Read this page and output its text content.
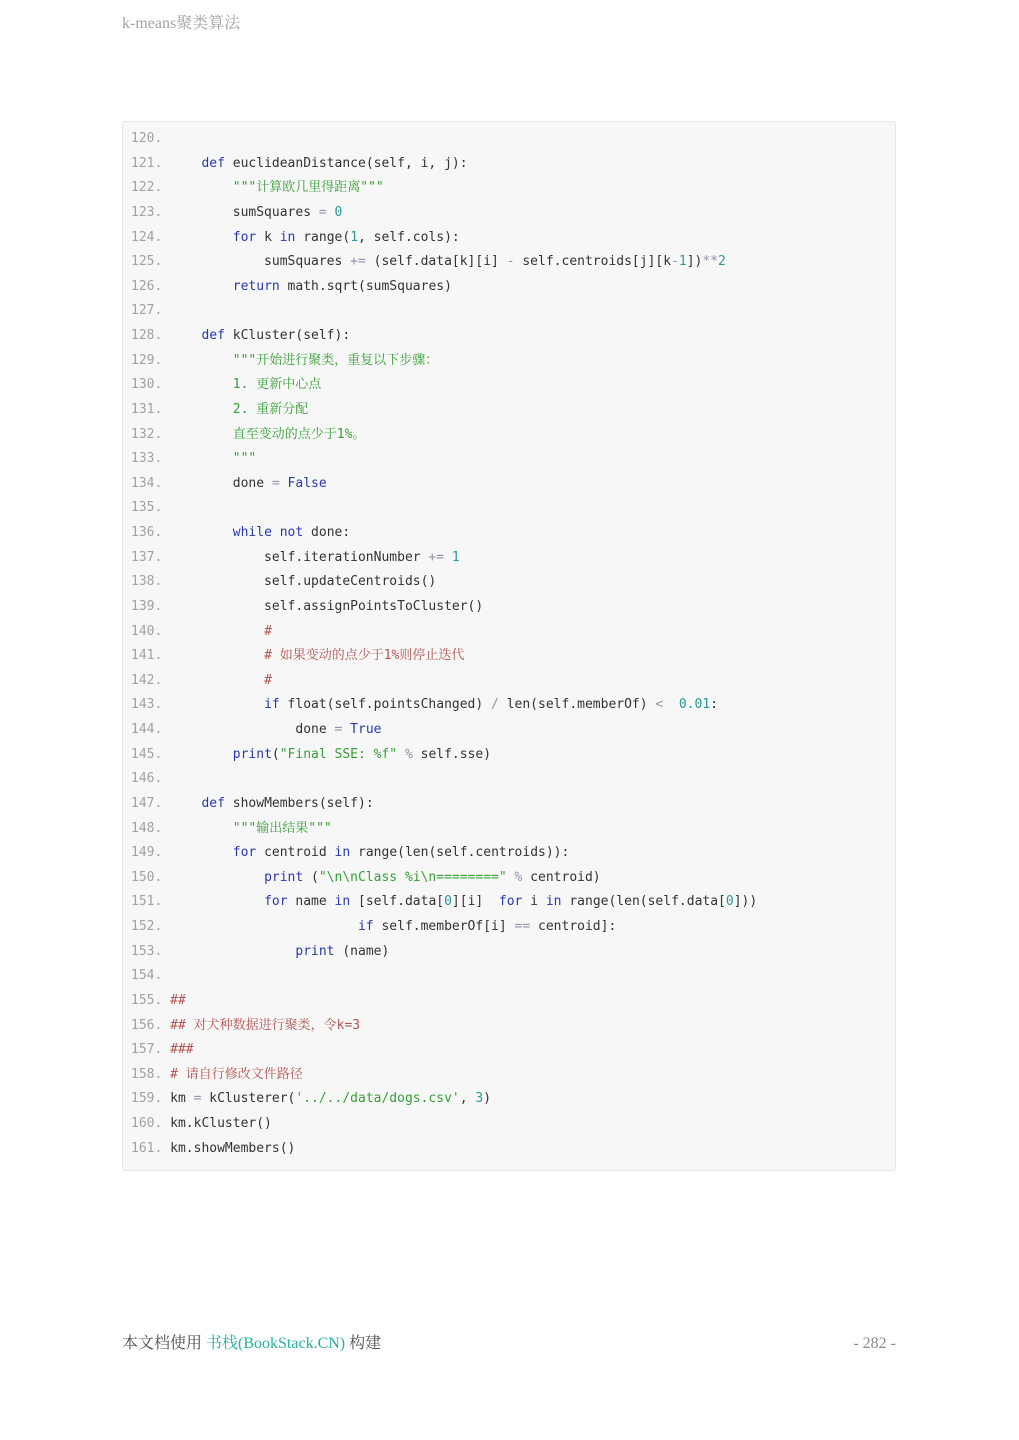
k-means聚类算法
120.
121.     def euclideanDistance(self, i, j):
122.	"""计算欧几里得距离"""
123.         sumSquares = 0
124.	for k in range(1, self.cols):
125.             sumSquares += (self.data[k][i] - self.centroids[j][k-1])**2
126.	return math.sqrt(sumSquares)
127.
128.     def kCluster(self):
129.	"""开始进行聚类，重复以下步骤：
130.	1. 更新中心点
131.	2. 重新分配
132.	直至变动的点少于1%。
133.	"""
134.         done = False
135.
136.	while not done:
137.             self.iterationNumber += 1
138.             self.updateCentroids()
139.             self.assignPointsToCluster()
140.	#
141.	# 如果变动的点少于1%则停止迭代
142.	#
143.	if float(self.pointsChanged) / len(self.memberOf) < 0.01:
144.                 done = True
145.	print("Final SSE: %f" % self.sse)
146.
147.     def showMembers(self):
148.	"""输出结果"""
149.	for centroid in range(len(self.centroids)):
150.	print ("\n\nClass %i\n========" % centroid)
151.	for name in [self.data[0][i]  for i in range(len(self.data[0]))
152.	if self.memberOf[i] == centroid]:
153.	print (name)
154.
155. ##
156. ## 对犬种数据进行聚类，令k=3
157. ###
158. # 请自行修改文件路径
159. km = kClusterer('../../data/dogs.csv', 3)
160. km.kCluster()
161. km.showMembers()
本文档使用 书栈(BookStack.CN) 构建	- 282 -
